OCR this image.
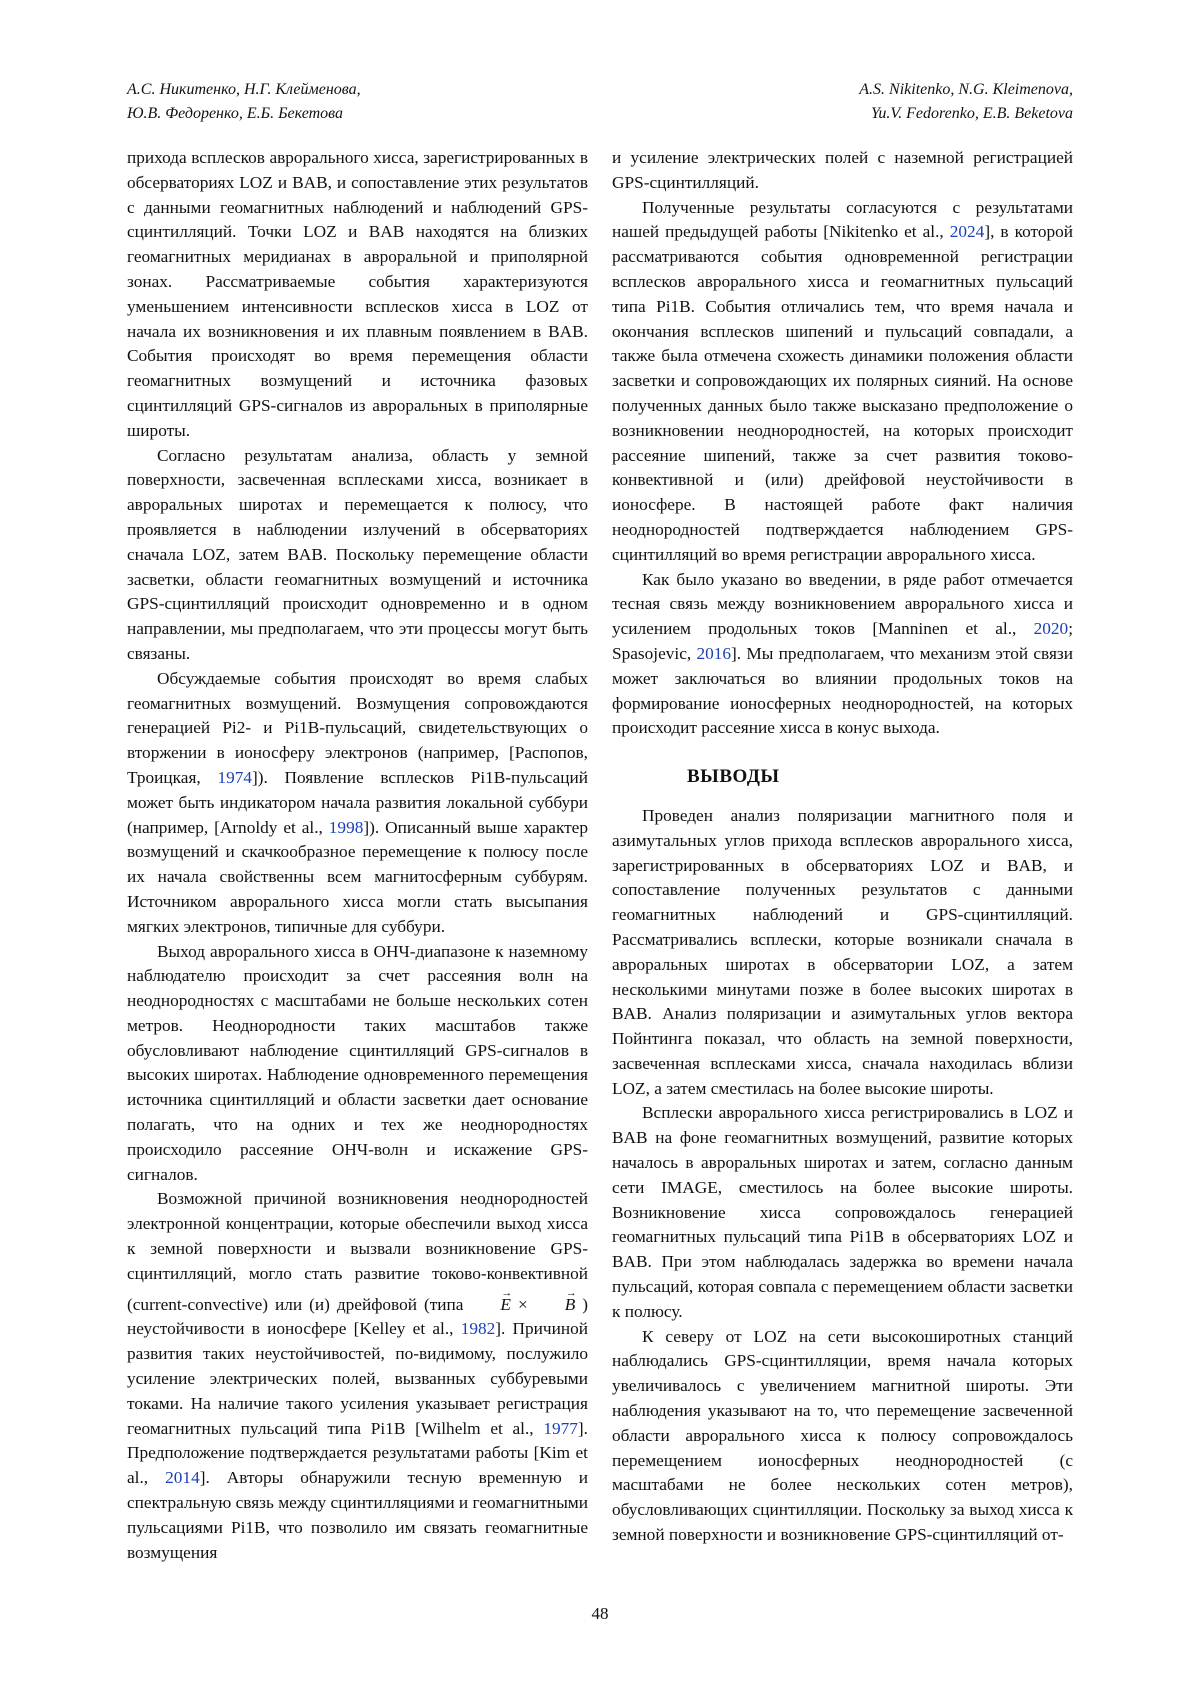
А.С. Никитенко, Н.Г. Клейменова,
Ю.В. Федоренко, Е.Б. Бекетова
A.S. Nikitenko, N.G. Kleimenova,
Yu.V. Fedorenko, E.B. Beketova

прихода всплесков аврорального хисса, зарегистрированных в обсерваториях LOZ и BAB, и сопоставление этих результатов с данными геомагнитных наблюдений и наблюдений GPS-сцинтилляций. Точки LOZ и BAB находятся на близких геомагнитных меридианах в авроральной и приполярной зонах. Рассматриваемые события характеризуются уменьшением интенсивности всплесков хисса в LOZ от начала их возникновения и их плавным появлением в BAB. События происходят во время перемещения области геомагнитных возмущений и источника фазовых сцинтилляций GPS-сигналов из авроральных в приполярные широты.

Согласно результатам анализа, область у земной поверхности, засвеченная всплесками хисса, возникает в авроральных широтах и перемещается к полюсу, что проявляется в наблюдении излучений в обсерваториях сначала LOZ, затем BAB. Поскольку перемещение области засветки, области геомагнитных возмущений и источника GPS-сцинтилляций происходит одновременно и в одном направлении, мы предполагаем, что эти процессы могут быть связаны.

Обсуждаемые события происходят во время слабых геомагнитных возмущений. Возмущения сопровождаются генерацией Pi2- и Pi1B-пульсаций, свидетельствующих о вторжении в ионосферу электронов (например, [Распопов, Троицкая, 1974]). Появление всплесков Pi1B-пульсаций может быть индикатором начала развития локальной суббури (например, [Arnoldy et al., 1998]). Описанный выше характер возмущений и скачкообразное перемещение к полюсу после их начала свойственны всем магнитосферным суббурям. Источником аврорального хисса могли стать высыпания мягких электронов, типичные для суббури.

Выход аврорального хисса в ОНЧ-диапазоне к наземному наблюдателю происходит за счет рассеяния волн на неоднородностях с масштабами не больше нескольких сотен метров. Неоднородности таких масштабов также обусловливают наблюдение сцинтилляций GPS-сигналов в высоких широтах. Наблюдение одновременного перемещения источника сцинтилляций и области засветки дает основание полагать, что на одних и тех же неоднородностях происходило рассеяние ОНЧ-волн и искажение GPS-сигналов.

Возможной причиной возникновения неоднородностей электронной концентрации, которые обеспечили выход хисса к земной поверхности и вызвали возникновение GPS-сцинтилляций, могло стать развитие токово-конвективной (current-convective) или (и) дрейфовой (типа → E × → B ) неустойчивости в ионосфере [Kelley et al., 1982]. Причиной развития таких неустойчивостей, по-видимому, послужило усиление электрических полей, вызванных суббуревыми токами. На наличие такого усиления указывает регистрация геомагнитных пульсаций типа Pi1B [Wilhelm et al., 1977]. Предположение подтверждается результатами работы [Kim et al., 2014]. Авторы обнаружили тесную временную и спектральную связь между сцинтилляциями и геомагнитными пульсациями Pi1B, что позволило им связать геомагнитные возмущения

и усиление электрических полей с наземной регистрацией GPS-сцинтилляций.

Полученные результаты согласуются с результатами нашей предыдущей работы [Nikitenko et al., 2024], в которой рассматриваются события одновременной регистрации всплесков аврорального хисса и геомагнитных пульсаций типа Pi1B. События отличались тем, что время начала и окончания всплесков шипений и пульсаций совпадали, а также была отмечена схожесть динамики положения области засветки и сопровождающих их полярных сияний. На основе полученных данных было также высказано предположение о возникновении неоднородностей, на которых происходит рассеяние шипений, также за счет развития токово-конвективной и (или) дрейфовой неустойчивости в ионосфере. В настоящей работе факт наличия неоднородностей подтверждается наблюдением GPS-сцинтилляций во время регистрации аврорального хисса.

Как было указано во введении, в ряде работ отмечается тесная связь между возникновением аврорального хисса и усилением продольных токов [Manninen et al., 2020; Spasojevic, 2016]. Мы предполагаем, что механизм этой связи может заключаться во влиянии продольных токов на формирование ионосферных неоднородностей, на которых происходит рассеяние хисса в конус выхода.

ВЫВОДЫ

Проведен анализ поляризации магнитного поля и азимутальных углов прихода всплесков аврорального хисса, зарегистрированных в обсерваториях LOZ и BAB, и сопоставление полученных результатов с данными геомагнитных наблюдений и GPS-сцинтилляций. Рассматривались всплески, которые возникали сначала в авроральных широтах в обсерватории LOZ, а затем несколькими минутами позже в более высоких широтах в BAB. Анализ поляризации и азимутальных углов вектора Пойнтинга показал, что область на земной поверхности, засвеченная всплесками хисса, сначала находилась вблизи LOZ, а затем сместилась на более высокие широты.

Всплески аврорального хисса регистрировались в LOZ и BAB на фоне геомагнитных возмущений, развитие которых началось в авроральных широтах и затем, согласно данным сети IMAGE, сместилось на более высокие широты. Возникновение хисса сопровождалось генерацией геомагнитных пульсаций типа Pi1B в обсерваториях LOZ и BAB. При этом наблюдалась задержка во времени начала пульсаций, которая совпала с перемещением области засветки к полюсу.

К северу от LOZ на сети высокоширотных станций наблюдались GPS-сцинтилляции, время начала которых увеличивалось с увеличением магнитной широты. Эти наблюдения указывают на то, что перемещение засвеченной области аврорального хисса к полюсу сопровождалось перемещением ионосферных неоднородностей (с масштабами не более нескольких сотен метров), обусловливающих сцинтилляции. Поскольку за выход хисса к земной поверхности и возникновение GPS-сцинтилляций от-

48
